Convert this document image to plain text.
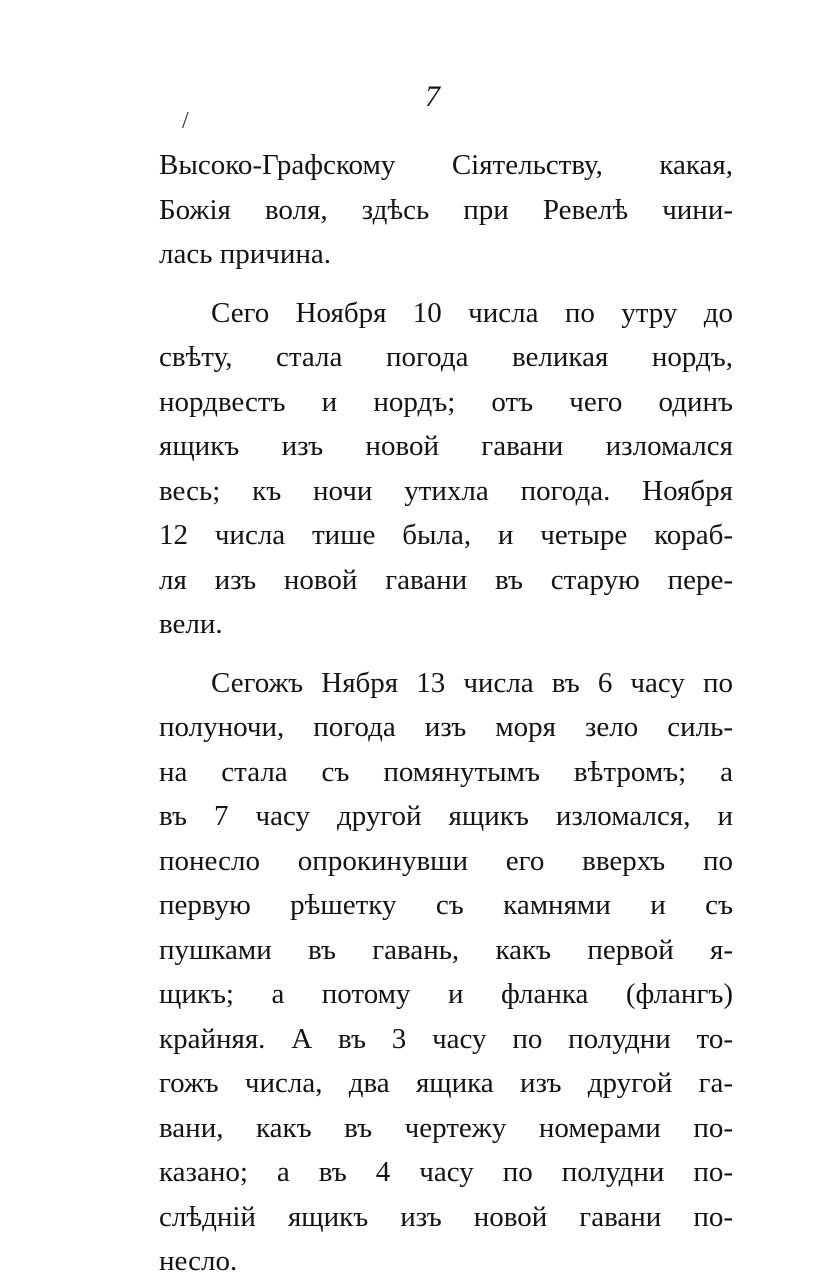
7
/
Высоко-Графскому Сiятельству, какая,
Божiя воля, здѣсь при Ревелѣ чини-
лась причина.
Сего Ноября 10 числа по утру до
свѣту, стала погода великая нордъ,
нордвестъ и нордъ; отъ чего одинъ
ящикъ изъ новой гавани изломался
весь; къ ночи утихла погода. Ноября
12 числа тише была, и четыре кораб-
ля изъ новой гавани въ старую пере-
вели.
Сегожъ Нября 13 числа въ 6 часу по
полуночи, погода изъ моря зело силь-
на стала съ помянутымъ вѣтромъ; а
въ 7 часу другой ящикъ изломался, и
понесло опрокинувши его вверхъ по
первую рѣшетку съ камнями и съ
пушками въ гавань, какъ первой я-
щикъ; а потому и фланка (флангъ)
крайняя. А въ 3 часу по полудни то-
гожъ числа, два ящика изъ другой га-
вани, какъ въ чертежу номерами по-
казано; а въ 4 часу по полудни по-
слѣднiй ящикъ изъ новой гавани по-
несло.
